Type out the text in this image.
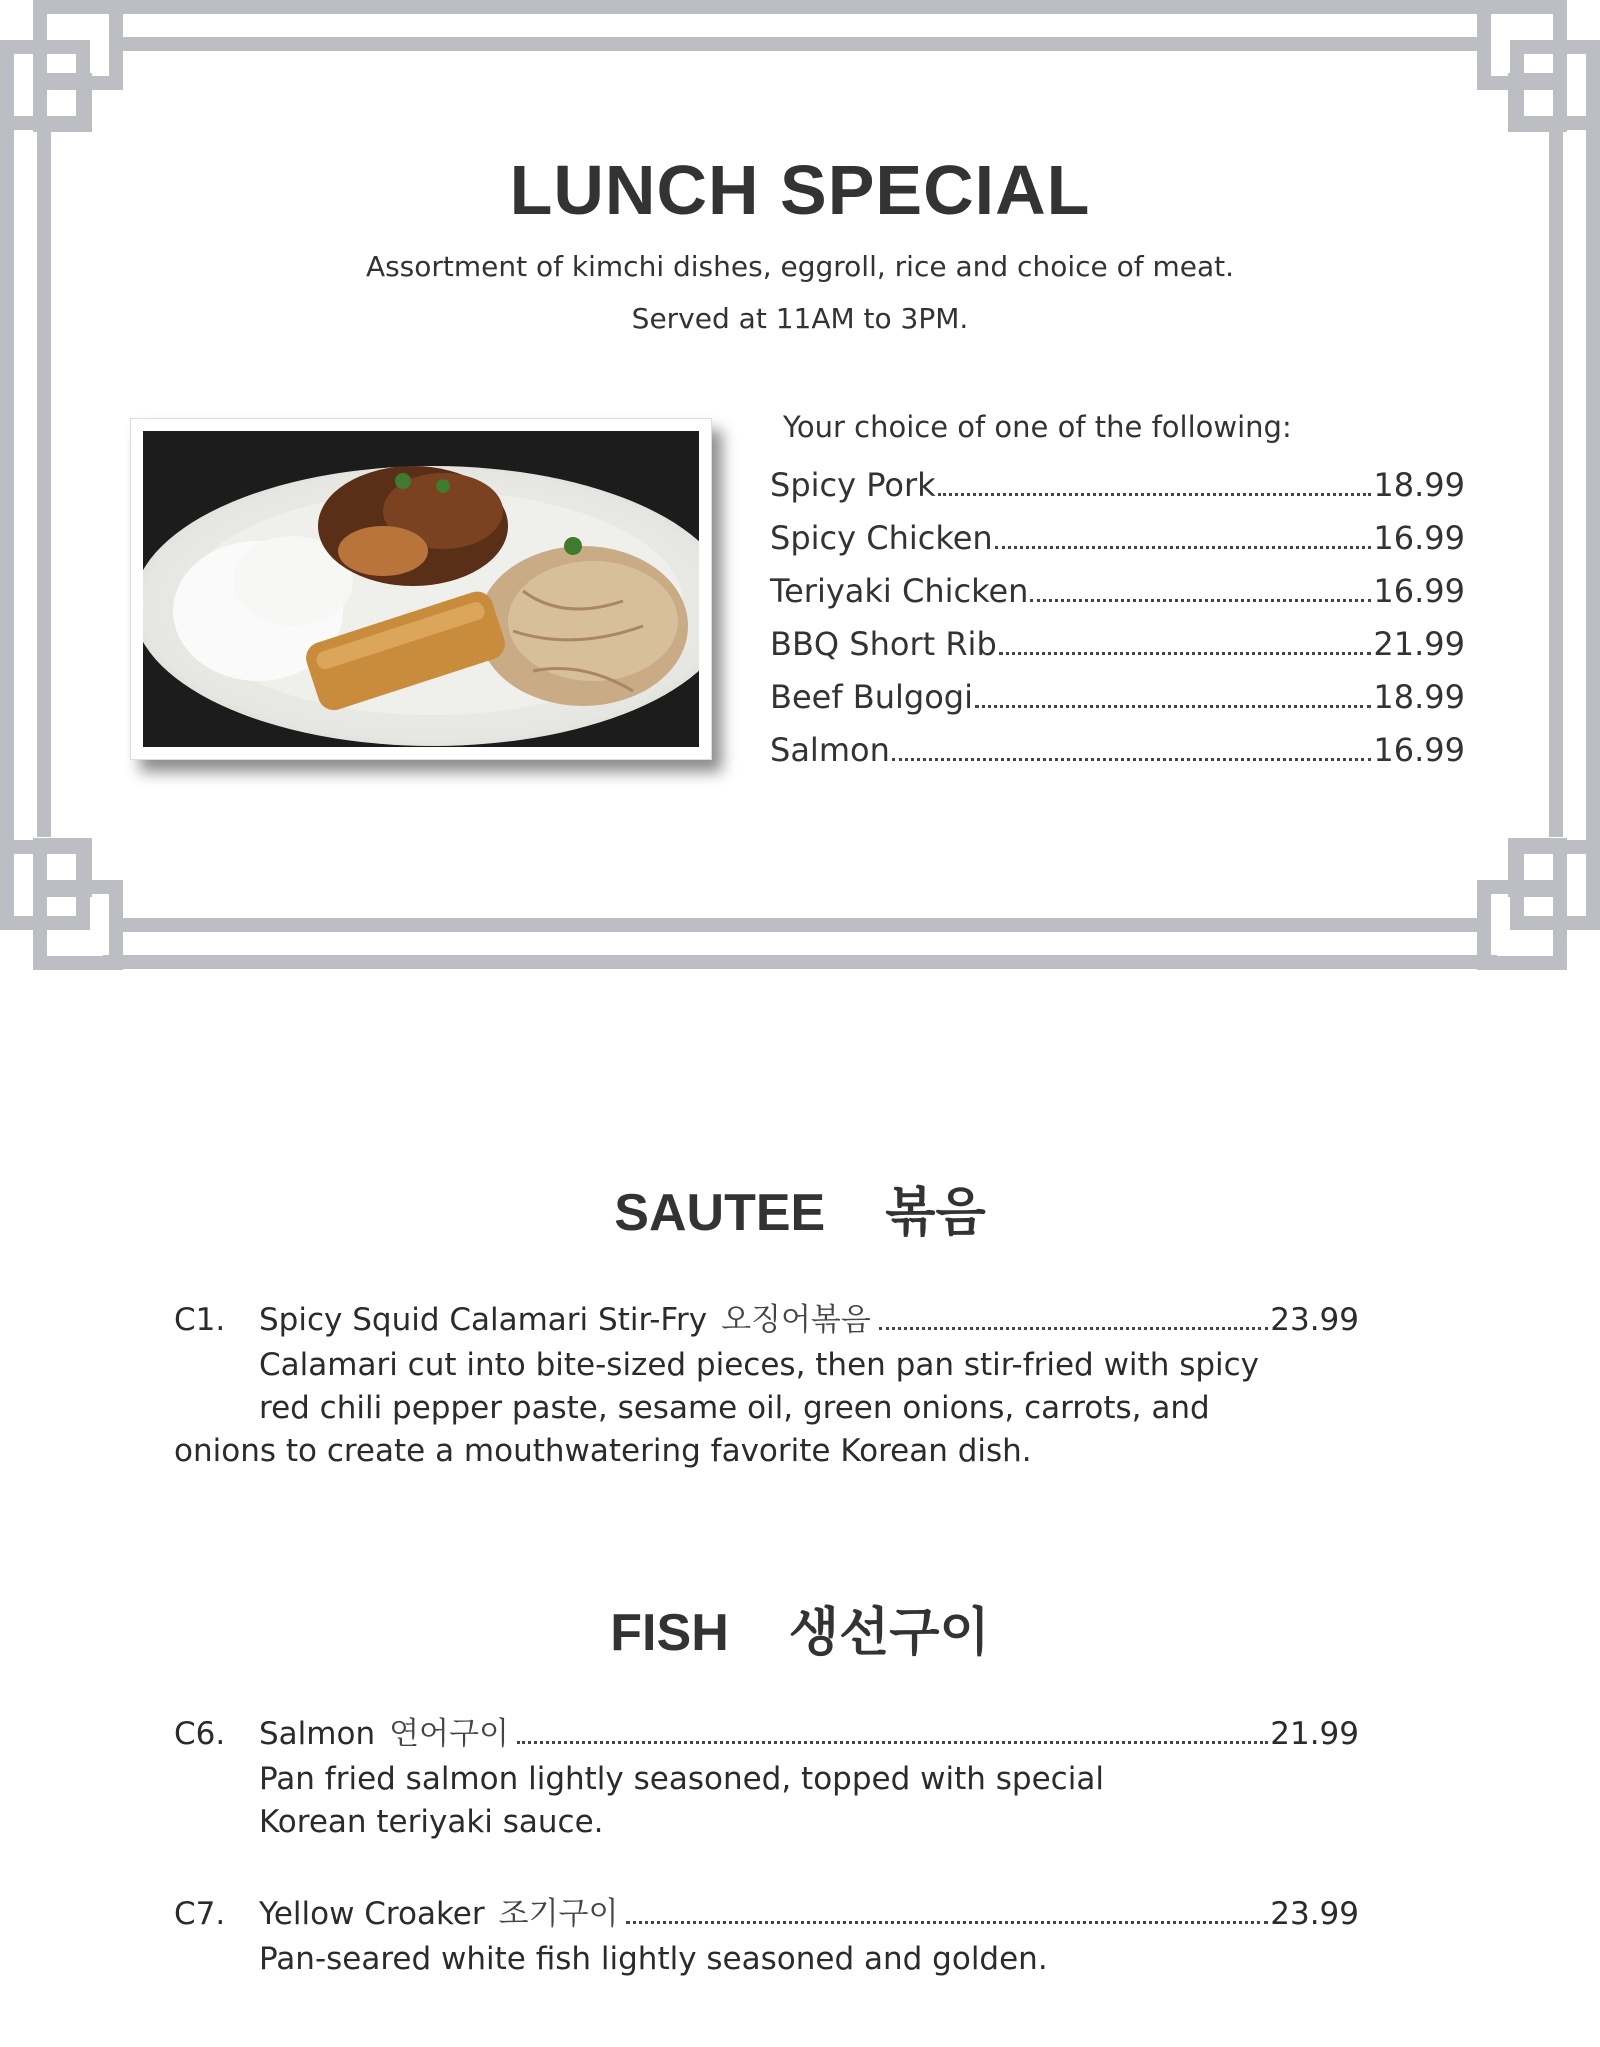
LUNCH SPECIAL
Assortment of kimchi dishes, eggroll, rice and choice of meat.
Served at 11AM to 3PM.
Your choice of one of the following:
Spicy Pork	18.99
Spicy Chicken	16.99
Teriyaki Chicken	16.99
BBQ Short Rib	21.99
Beef Bulgogi	18.99
Salmon	16.99
SAUTEE 볶음
C1.	Spicy Squid Calamari Stir-Fry 오징어볶음	23.99
Calamari cut into bite-sized pieces, then pan stir-fried with spicy
red chili pepper paste, sesame oil, green onions, carrots, and
onions to create a mouthwatering favorite Korean dish.
FISH 생선구이
C6.	Salmon 연어구이	21.99
Pan fried salmon lightly seasoned, topped with special
Korean teriyaki sauce.
C7.	Yellow Croaker 조기구이	23.99
Pan-seared white fish lightly seasoned and golden.
